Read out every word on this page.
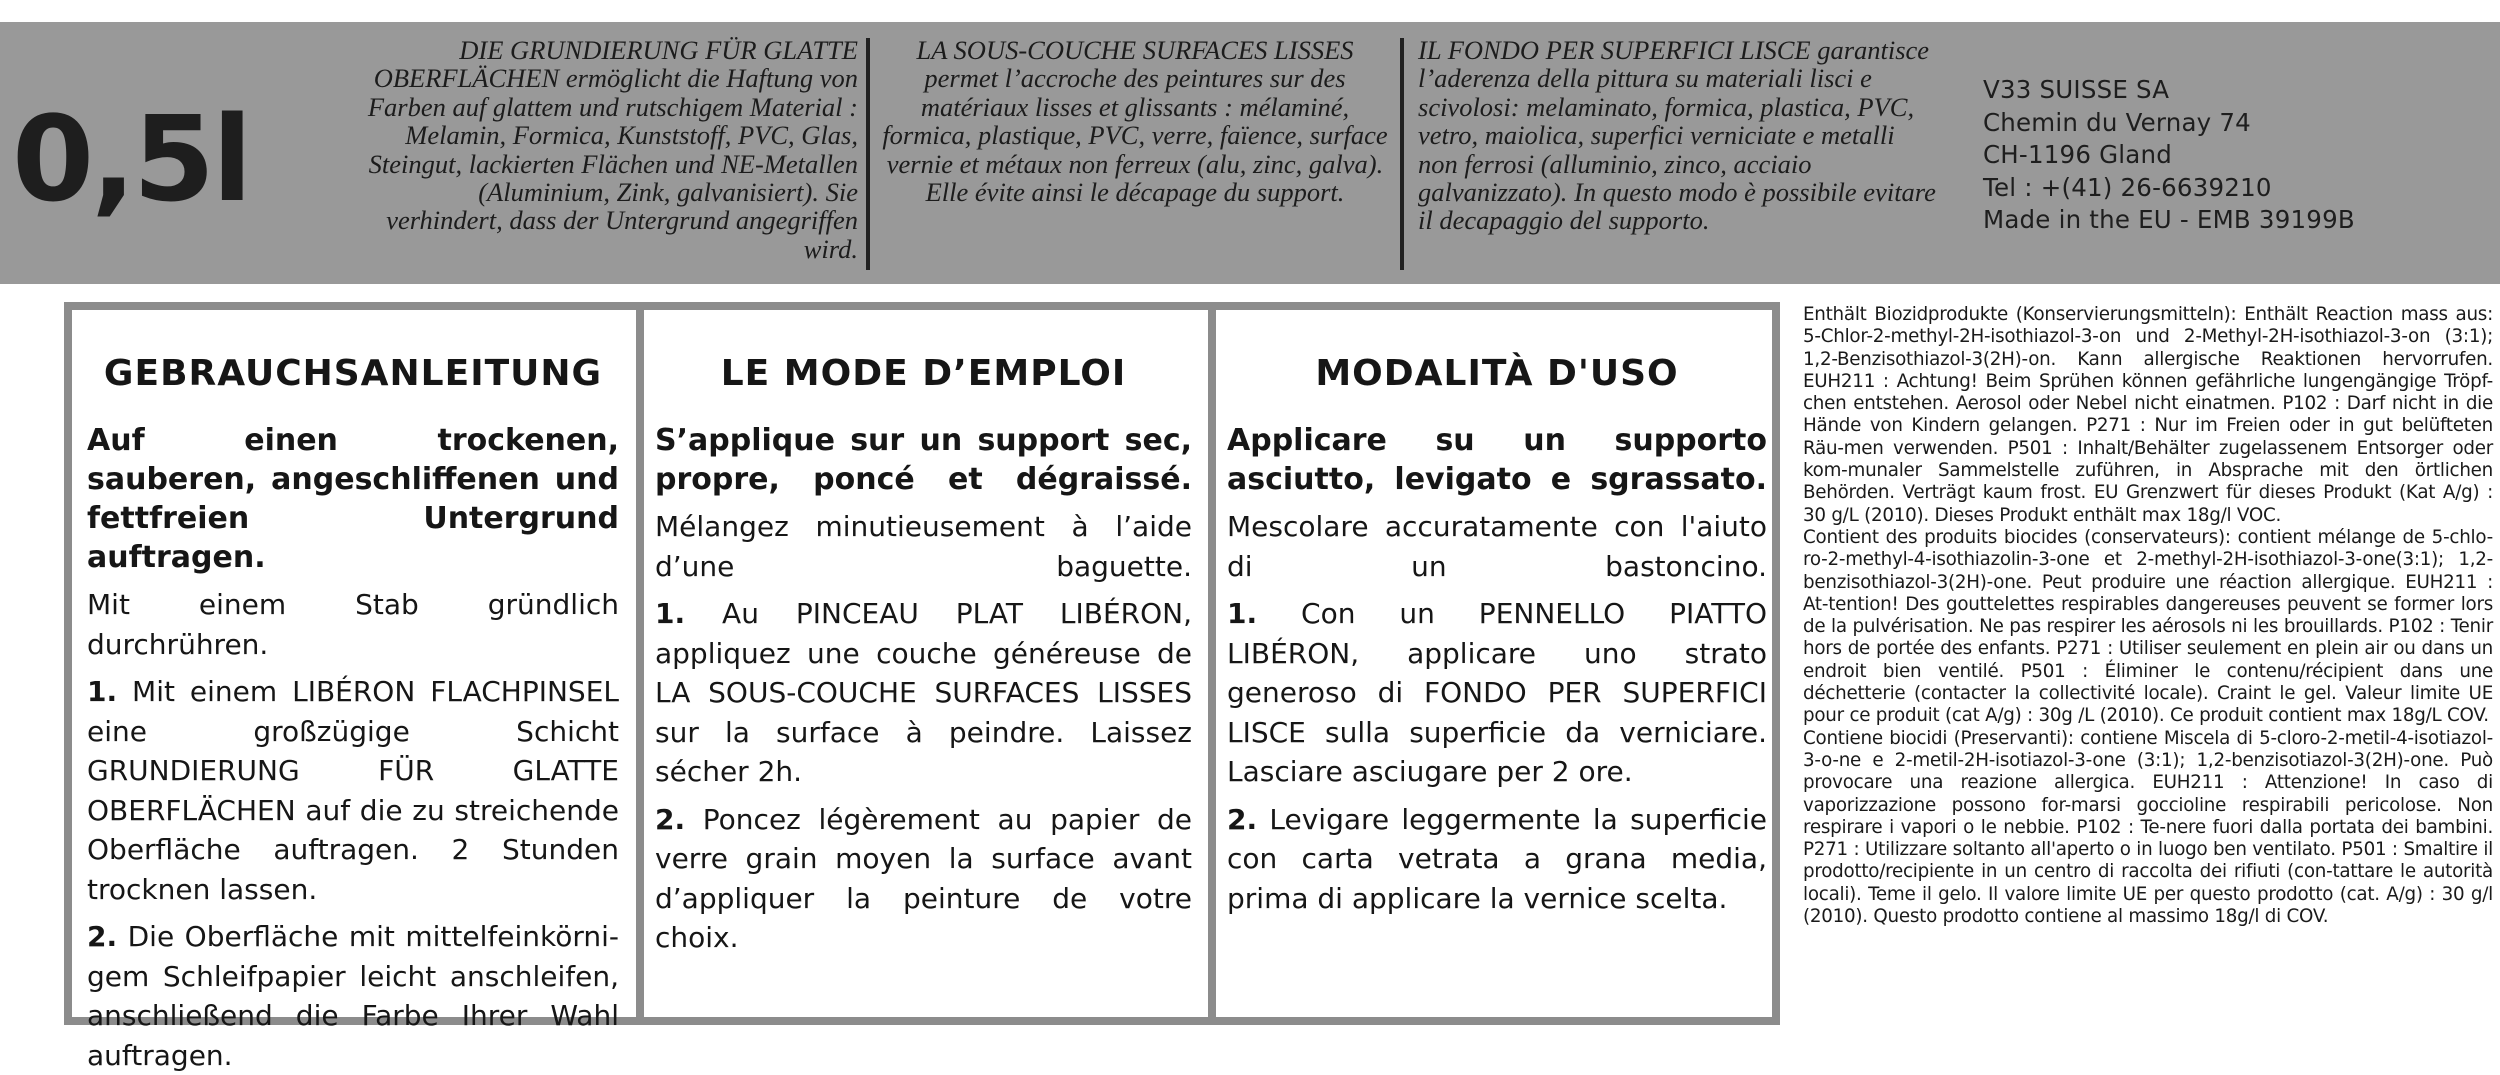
0,5l
DIE GRUNDIERUNG FÜR GLATTE OBERFLÄCHEN ermöglicht die Haftung von Farben auf glattem und rutschigem Material : Melamin, Formica, Kunststoff, PVC, Glas, Steingut, lackierten Flächen und NE-Metallen (Aluminium, Zink, galvanisiert). Sie verhindert, dass der Untergrund angegriffen wird.
LA SOUS-COUCHE SURFACES LISSES permet l’accroche des peintures sur des matériaux lisses et glissants : mélaminé, formica, plastique, PVC, verre, faïence, surface vernie et métaux non ferreux (alu, zinc, galva). Elle évite ainsi le décapage du support.
IL FONDO PER SUPERFICI LISCE garantisce l’aderenza della pittura su materiali lisci e scivolosi: melaminato, formica, plastica, PVC, vetro, maiolica, superfici verniciate e metalli non ferrosi (alluminio, zinco, acciaio galvanizzato). In questo modo è possibile evitare il decapaggio del supporto.
V33 SUISSE SA
Chemin du Vernay 74
CH-1196 Gland
Tel : +(41) 26-6639210
Made in the EU - EMB 39199B
GEBRAUCHSANLEITUNG
Auf einen trockenen, sauberen, angeschliffenen und fettfreien Untergrund auftragen.

Mit einem Stab gründlich durchrühren.

1. Mit einem LIBÉRON FLACHPINSEL eine großzügige Schicht GRUNDIERUNG FÜR GLATTE OBERFLÄCHEN auf die zu streichende Oberfläche auftragen. 2 Stunden trocknen lassen.

2. Die Oberfläche mit mittelfeinkörni-gem Schleifpapier leicht anschleifen, anschließend die Farbe Ihrer Wahl auftragen.

LE MODE D’EMPLOI
S’applique sur un support sec, propre, poncé et dégraissé.

Mélangez minutieusement à l’aide d’une baguette.

1. Au PINCEAU PLAT LIBÉRON, appliquez une couche généreuse de LA SOUS-COUCHE SURFACES LISSES sur la surface à peindre. Laissez sécher 2h.

2. Poncez légèrement au papier de verre grain moyen la surface avant d’appliquer la peinture de votre choix.

MODALITÀ D'USO
Applicare su un supporto asciutto, levigato e sgrassato.

Mescolare accuratamente con l'aiuto di un bastoncino.

1. Con un PENNELLO PIATTO LIBÉRON, applicare uno strato generoso di FONDO PER SUPERFICI LISCE sulla superficie da verniciare. Lasciare asciugare per 2 ore.

2. Levigare leggermente la superficie con carta vetrata a grana media, prima di applicare la vernice scelta.

Enthält Biozidprodukte (Konservierungsmitteln): Enthält Reaction mass aus: 5-Chlor-2-methyl-2H-isothiazol-3-on und 2-Methyl-2H-isothiazol-3-on (3:1); 1,2-Benzisothiazol-3(2H)-on. Kann allergische Reaktionen hervorrufen. EUH211 : Achtung! Beim Sprühen können gefährliche lungengängige Tröpf-chen entstehen. Aerosol oder Nebel nicht einatmen. P102 : Darf nicht in die Hände von Kindern gelangen. P271 : Nur im Freien oder in gut belüfteten Räu-men verwenden. P501 : Inhalt/Behälter zugelassenem Entsorger oder kom-munaler Sammelstelle zuführen, in Absprache mit den örtlichen Behörden. Verträgt kaum frost. EU Grenzwert für dieses Produkt (Kat A/g) : 30 g/L (2010). Dieses Produkt enthält max 18g/l VOC.

Contient des produits biocides (conservateurs): contient mélange de 5-chlo-ro-2-methyl-4-isothiazolin-3-one et 2-methyl-2H-isothiazol-3-one(3:1); 1,2-benzisothiazol-3(2H)-one. Peut produire une réaction allergique. EUH211 : At-tention! Des gouttelettes respirables dangereuses peuvent se former lors de la pulvérisation. Ne pas respirer les aérosols ni les brouillards. P102 : Tenir hors de portée des enfants. P271 : Utiliser seulement en plein air ou dans un endroit bien ventilé. P501 : Éliminer le contenu/récipient dans une déchetterie (contacter la collectivité locale). Craint le gel. Valeur limite UE pour ce produit (cat A/g) : 30g /L (2010). Ce produit contient max 18g/L COV.

Contiene biocidi (Preservanti): contiene Miscela di 5-cloro-2-metil-4-isotiazol-3-o-ne e 2-metil-2H-isotiazol-3-one (3:1); 1,2-benzisotiazol-3(2H)-one. Può provocare una reazione allergica. EUH211 : Attenzione! In caso di vaporizzazione possono for-marsi goccioline respirabili pericolose. Non respirare i vapori o le nebbie. P102 : Te-nere fuori dalla portata dei bambini. P271 : Utilizzare soltanto all'aperto o in luogo ben ventilato. P501 : Smaltire il prodotto/recipiente in un centro di raccolta dei rifiuti (con-tattare le autorità locali). Teme il gelo. Il valore limite UE per questo prodotto (cat. A/g) : 30 g/l (2010). Questo prodotto contiene al massimo 18g/l di COV.
